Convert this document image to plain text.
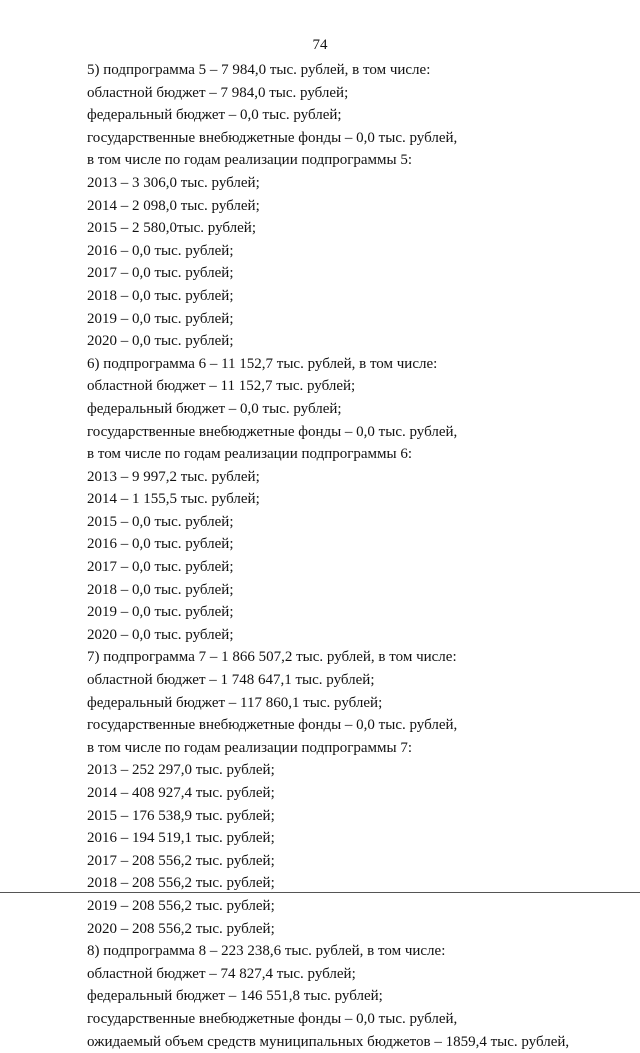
74
5) подпрограмма 5 – 7 984,0 тыс. рублей, в том числе:
областной бюджет – 7 984,0 тыс. рублей;
федеральный бюджет – 0,0 тыс. рублей;
государственные внебюджетные фонды – 0,0 тыс. рублей,
в том числе по годам реализации подпрограммы 5:
2013 – 3 306,0 тыс. рублей;
2014 – 2 098,0 тыс. рублей;
2015 – 2 580,0тыс. рублей;
2016 – 0,0 тыс. рублей;
2017 – 0,0 тыс. рублей;
2018 – 0,0 тыс. рублей;
2019 – 0,0 тыс. рублей;
2020 – 0,0 тыс. рублей;
6) подпрограмма 6 – 11 152,7 тыс. рублей, в том числе:
областной бюджет – 11 152,7 тыс. рублей;
федеральный бюджет – 0,0 тыс. рублей;
государственные внебюджетные фонды – 0,0 тыс. рублей,
в том числе по годам реализации подпрограммы 6:
2013 – 9 997,2 тыс. рублей;
2014 – 1 155,5 тыс. рублей;
2015 – 0,0 тыс. рублей;
2016 – 0,0 тыс. рублей;
2017 – 0,0 тыс. рублей;
2018 – 0,0 тыс. рублей;
2019 – 0,0 тыс. рублей;
2020 – 0,0 тыс. рублей;
7) подпрограмма 7 – 1 866 507,2 тыс. рублей, в том числе:
областной бюджет – 1 748 647,1 тыс. рублей;
федеральный бюджет – 117 860,1 тыс. рублей;
государственные внебюджетные фонды – 0,0 тыс. рублей,
в том числе по годам реализации подпрограммы 7:
2013 – 252 297,0 тыс. рублей;
2014 – 408 927,4 тыс. рублей;
2015 – 176 538,9 тыс. рублей;
2016 – 194 519,1 тыс. рублей;
2017 – 208 556,2 тыс. рублей;
2018 – 208 556,2 тыс. рублей;
2019 – 208 556,2 тыс. рублей;
2020 – 208 556,2 тыс. рублей;
8) подпрограмма 8 – 223 238,6 тыс. рублей, в том числе:
областной бюджет – 74 827,4 тыс. рублей;
федеральный бюджет – 146 551,8 тыс. рублей;
государственные внебюджетные фонды – 0,0 тыс. рублей,
ожидаемый объем средств муниципальных бюджетов – 1859,4 тыс. рублей,
